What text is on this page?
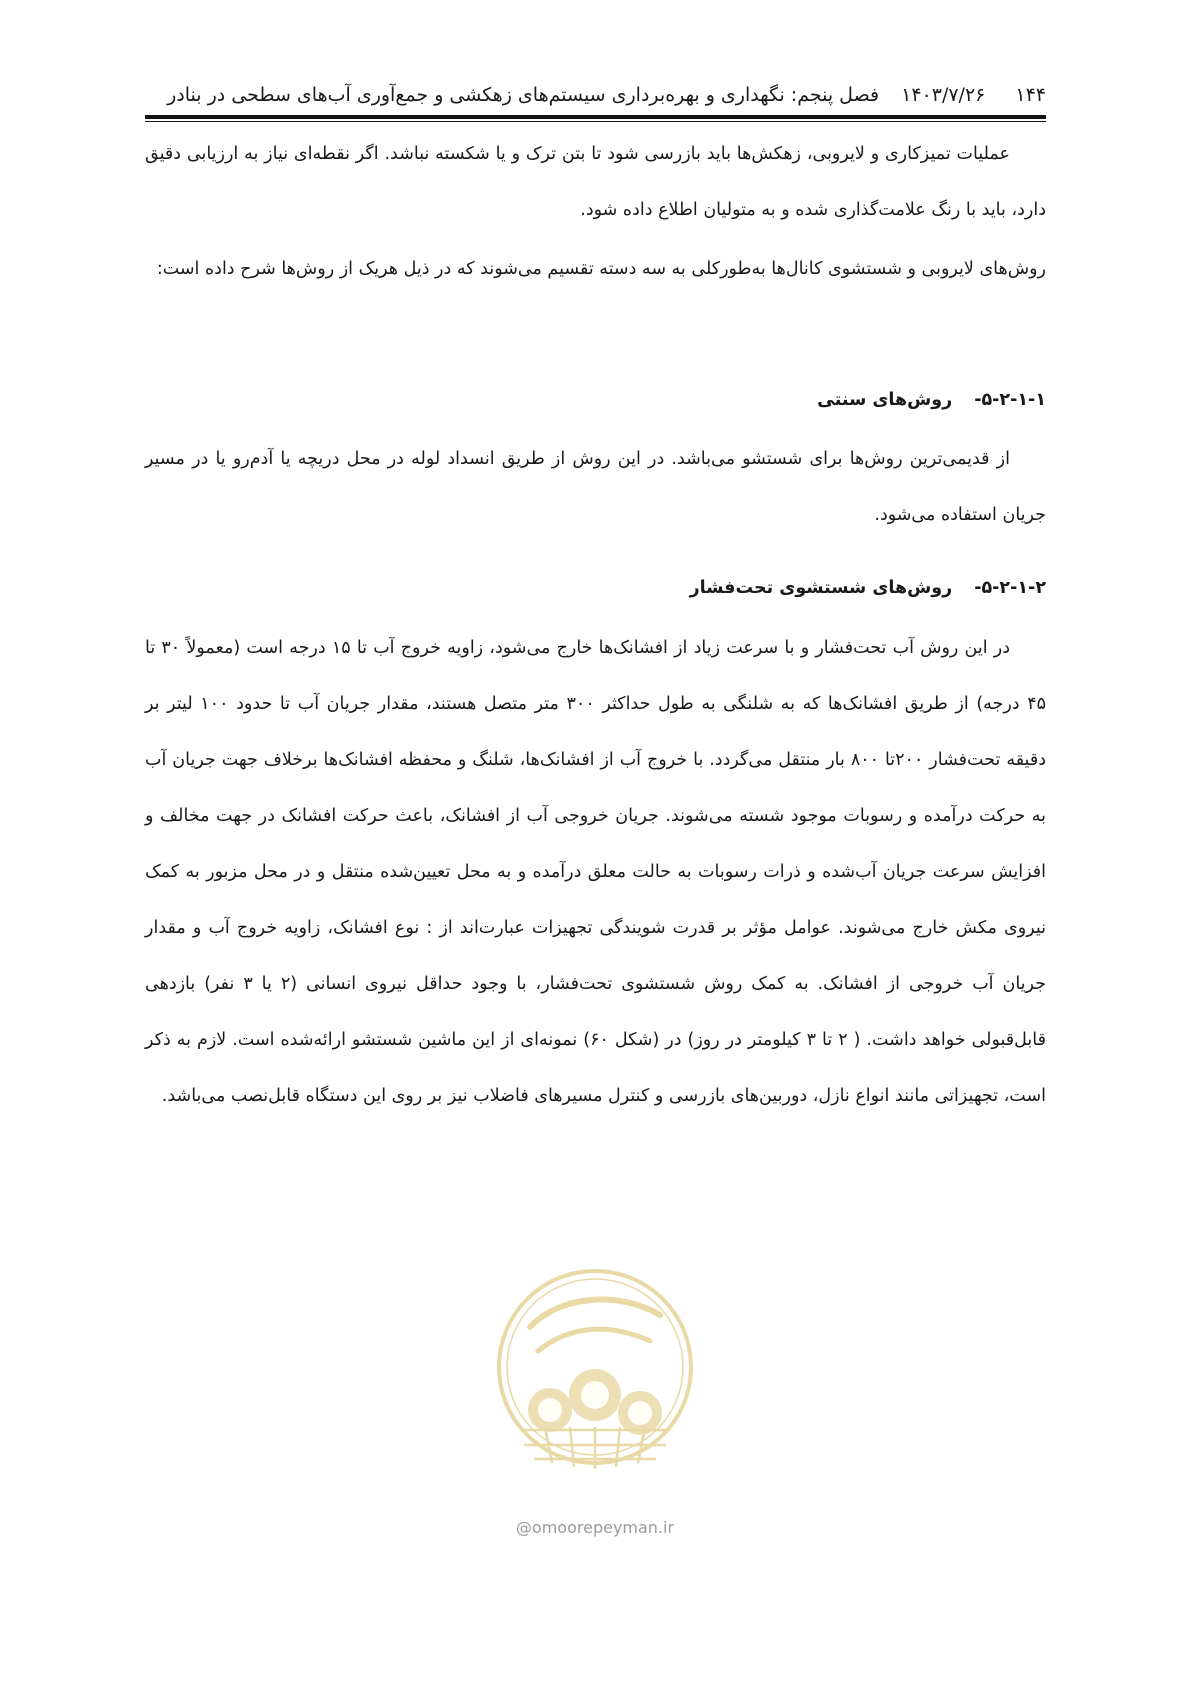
۱۴۴
۱۴۰۳/۷/۲۶
فصل پنجم: نگهداری و بهره‌برداری سیستم‌های زهکشی و جمع‌آوری آب‌های سطحی در بنادر

عملیات تمیزکاری و لایروبی، زهکش‌ها باید بازرسی شود تا بتن ترک و یا شکسته نباشد. اگر نقطه‌ای نیاز به ارزیابی دقیق دارد، باید با رنگ علامت‌گذاری شده و به متولیان اطلاع داده شود.

روش‌های لایروبی و شستشوی کانال‌ها به‌طورکلی به سه دسته تقسیم می‌شوند که در ذیل هریک از روش‌ها شرح داده است:

۵-۲-۱-۱-روش‌های سنتی

از قدیمی‌ترین روش‌ها برای شستشو می‌باشد. در این روش از طریق انسداد لوله در محل دریچه یا آدم‌رو یا در مسیر جریان استفاده می‌شود.

۵-۲-۱-۲-روش‌های شستشوی تحت‌فشار

در این روش آب تحت‌فشار و با سرعت زیاد از افشانک‌ها خارج می‌شود، زاویه خروج آب تا ۱۵ درجه است (معمولاً ۳۰ تا ۴۵ درجه) از طریق افشانک‌ها که به شلنگی به طول حداکثر ۳۰۰ متر متصل هستند، مقدار جریان آب تا حدود ۱۰۰ لیتر بر دقیقه تحت‌فشار ۲۰۰تا ۸۰۰ بار منتقل می‌گردد. با خروج آب از افشانک‌ها، شلنگ و محفظه افشانک‌ها برخلاف جهت جریان آب به حرکت درآمده و رسوبات موجود شسته می‌شوند. جریان خروجی آب از افشانک، باعث حرکت افشانک در جهت مخالف و افزایش سرعت جریان آب‌شده و ذرات رسوبات به حالت معلق درآمده و به محل تعیین‌شده منتقل و در محل مزبور به کمک نیروی مکش خارج می‌شوند. عوامل مؤثر بر قدرت شویندگی تجهیزات عبارت‌اند از : نوع افشانک، زاویه خروج آب و مقدار جریان آب خروجی از افشانک. به کمک روش شستشوی تحت‌فشار، با وجود حداقل نیروی انسانی (۲ یا ۳ نفر) بازدهی قابل‌قبولی خواهد داشت. ( ۲ تا ۳ کیلومتر در روز) در (شکل ۶۰) نمونه‌ای از این ماشین شستشو ارائه‌شده است. لازم به ذکر است، تجهیزاتی مانند انواع نازل، دوربین‌های بازرسی و کنترل مسیرهای فاضلاب نیز بر روی این دستگاه قابل‌نصب می‌باشد.

@omoorepeyman.ir
